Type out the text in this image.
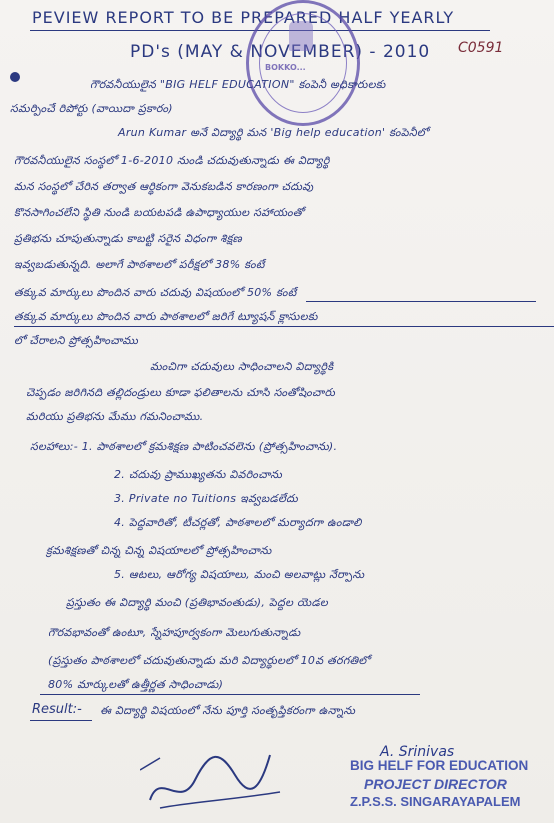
PEVIEW REPORT TO BE PREPARED HALF YEARLY
PD's (MAY & NOVEMBER) - 2010 C0591
BOKKO...
గౌరవనీయులైన "BIG HELF EDUCATION" కంపెనీ అధికారులకు
సమర్పించే రిపోర్టు (వాయిదా ప్రకారం)
Arun Kumar అనే విద్యార్థి మన 'Big help education' కంపెనీలో
గౌరవనీయులైన సంస్థలో 1-6-2010 నుండి చదువుతున్నాడు ఈ విద్యార్థి
మన సంస్థలో చేరిన తర్వాత ఆర్థికంగా వెనుకబడిన కారణంగా చదువు
కొనసాగించలేని స్థితి నుండి బయటపడి ఉపాధ్యాయుల సహాయంతో
ప్రతిభను చూపుతున్నాడు కాబట్టి సరైన విధంగా శిక్షణ
ఇవ్వబడుతున్నది. అలాగే పాఠశాలలో పరీక్షలో 38% కంటే
తక్కువ మార్కులు పొందిన వారు చదువు విషయంలో 50% కంటే
తక్కువ మార్కులు పొందిన వారు పాఠశాలలో జరిగే ట్యూషన్ క్లాసులకు
లో చేరాలని ప్రోత్సహించాము
మంచిగా చదువులు సాధించాలని విద్యార్థికి
చెప్పడం జరిగినది తల్లిదండ్రులు కూడా ఫలితాలను చూసి సంతోషించారు
మరియు ప్రతిభను మేము గమనించాము.
సలహాలు:- 1. పాఠశాలలో క్రమశిక్షణ పాటించవలెను (ప్రోత్సహించాను).
2. చదువు ప్రాముఖ్యతను వివరించాను
3. Private no Tuitions ఇవ్వబడలేదు
4. పెద్దవారితో, టీచర్లతో, పాఠశాలలో మర్యాదగా ఉండాలి
క్రమశిక్షణతో చిన్న చిన్న విషయాలలో ప్రోత్సహించాను
5. ఆటలు, ఆరోగ్య విషయాలు, మంచి అలవాట్లు నేర్పాను
ప్రస్తుతం ఈ విద్యార్థి మంచి (ప్రతిభావంతుడు), పెద్దల యెడల
గౌరవభావంతో ఉంటూ, స్నేహపూర్వకంగా మెలుగుతున్నాడు
(ప్రస్తుతం పాఠశాలలో చదువుతున్నాడు మరి విద్యార్థులలో 10వ తరగతిలో
80% మార్కులతో ఉత్తీర్ణత సాధించాడు)
Result:- ఈ విద్యార్థి విషయంలో నేను పూర్తి సంతృప్తికరంగా ఉన్నాను
A. Srinivas
BIG HELF FOR EDUCATION
PROJECT DIRECTOR
Z.P.S.S. SINGARAYAPALEM
